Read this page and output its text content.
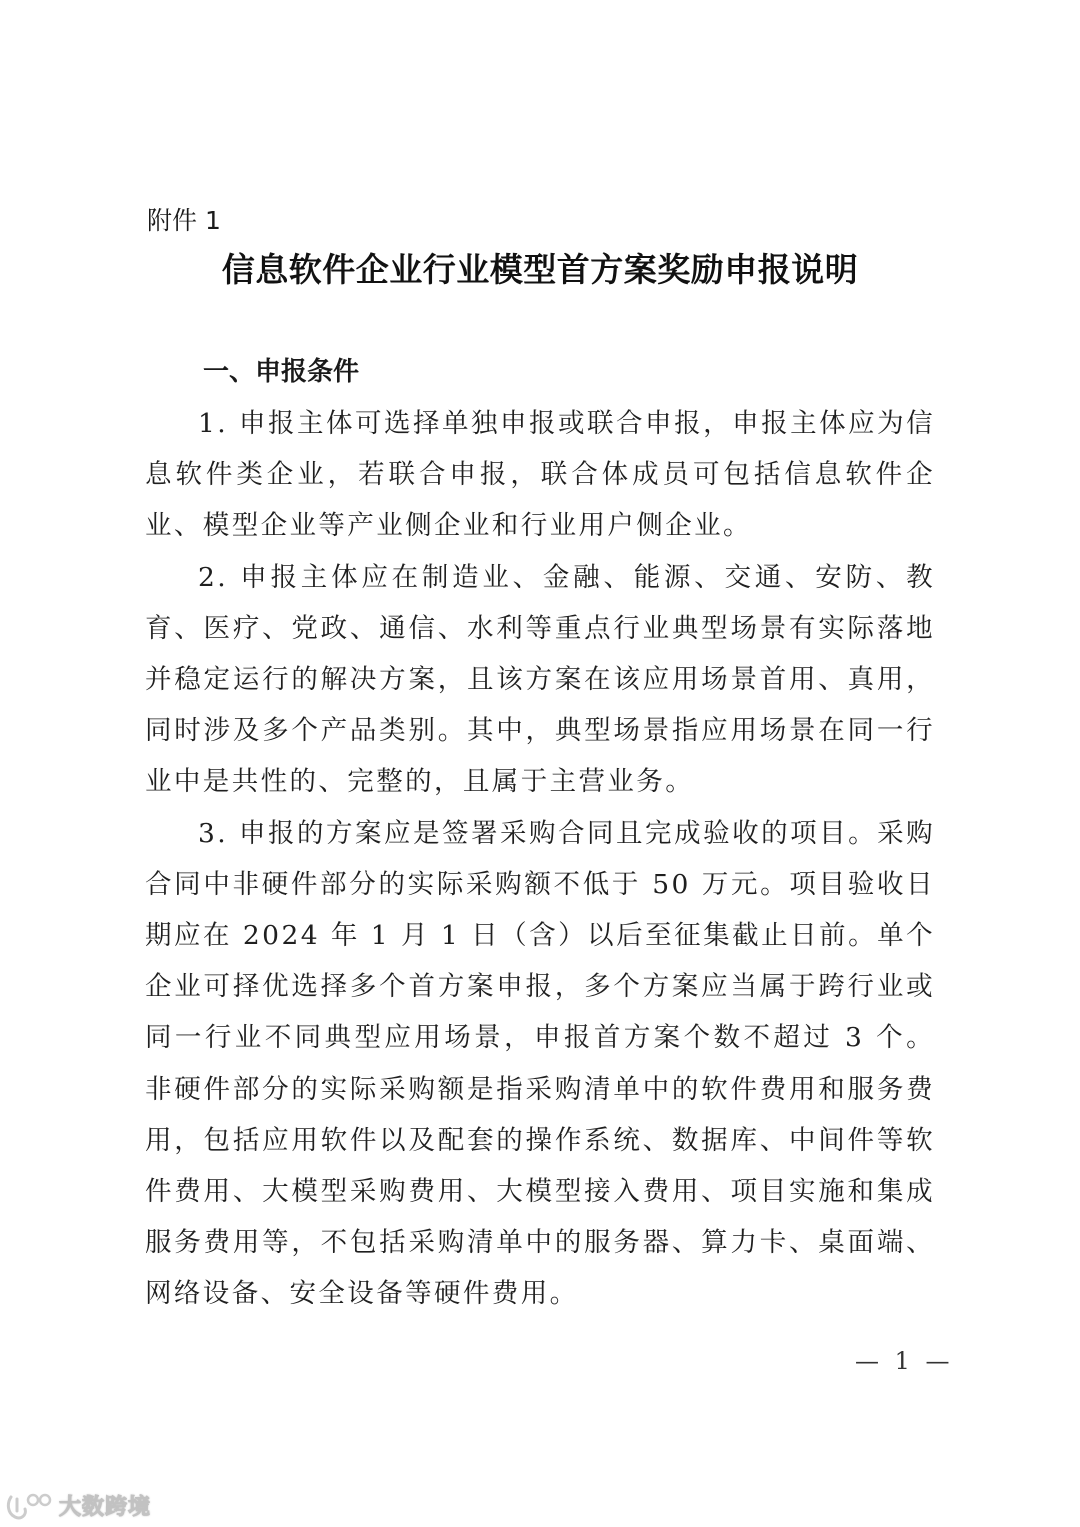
附件 1
信息软件企业行业模型首方案奖励申报说明
一、申报条件

1. 申报主体可选择单独申报或联合申报，申报主体应为信息软件类企业，若联合申报，联合体成员可包括信息软件企业、模型企业等产业侧企业和行业用户侧企业。

2. 申报主体应在制造业、金融、能源、交通、安防、教育、医疗、党政、通信、水利等重点行业典型场景有实际落地并稳定运行的解决方案，且该方案在该应用场景首用、真用，同时涉及多个产品类别。其中，典型场景指应用场景在同一行业中是共性的、完整的，且属于主营业务。

3. 申报的方案应是签署采购合同且完成验收的项目。采购合同中非硬件部分的实际采购额不低于 50 万元。项目验收日期应在 2024 年 1 月 1 日（含）以后至征集截止日前。单个企业可择优选择多个首方案申报，多个方案应当属于跨行业或同一行业不同典型应用场景，申报首方案个数不超过 3 个。非硬件部分的实际采购额是指采购清单中的软件费用和服务费用，包括应用软件以及配套的操作系统、数据库、中间件等软件费用、大模型采购费用、大模型接入费用、项目实施和集成服务费用等，不包括采购清单中的服务器、算力卡、桌面端、网络设备、安全设备等硬件费用。

— 1 —
大数跨境
